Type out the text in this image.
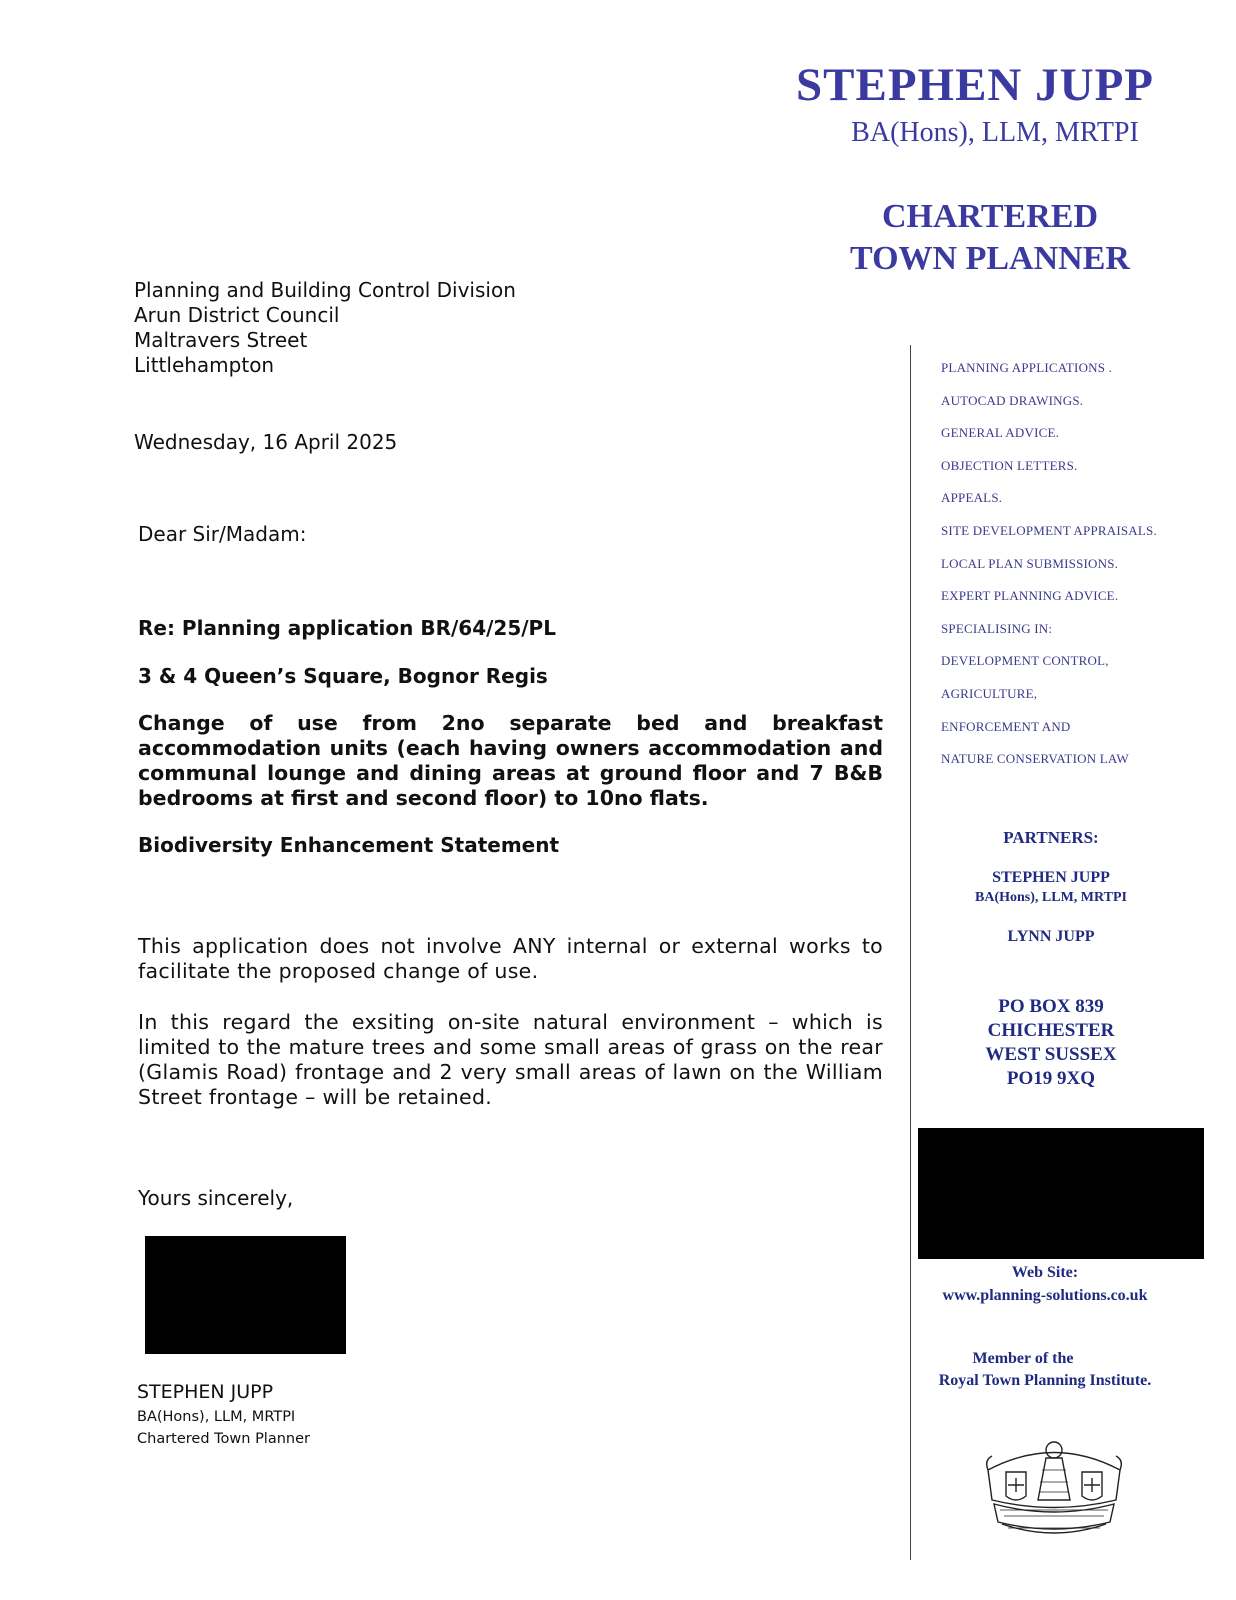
STEPHEN JUPP
BA(Hons), LLM, MRTPI
CHARTERED
TOWN PLANNER
PLANNING APPLICATIONS .
AUTOCAD DRAWINGS.
GENERAL ADVICE.
OBJECTION LETTERS.
APPEALS.
SITE DEVELOPMENT APPRAISALS.
LOCAL PLAN SUBMISSIONS.
EXPERT PLANNING ADVICE.
SPECIALISING IN:
DEVELOPMENT CONTROL,
AGRICULTURE,
ENFORCEMENT AND
NATURE CONSERVATION LAW
PARTNERS:
STEPHEN JUPP
BA(Hons), LLM, MRTPI
LYNN JUPP
PO BOX 839
CHICHESTER
WEST SUSSEX
PO19 9XQ
Web Site:
www.planning-solutions.co.uk
Member of the
Royal Town Planning Institute.
Planning and Building Control Division
Arun District Council
Maltravers Street
Littlehampton
Wednesday, 16 April 2025
Dear Sir/Madam:
Re: Planning application BR/64/25/PL
3 & 4 Queen’s Square, Bognor Regis
Change of use from 2no separate bed and breakfast accommodation units (each having owners accommodation and communal lounge and dining areas at ground floor and 7 B&B bedrooms at first and second floor) to 10no flats.
Biodiversity Enhancement Statement
This application does not involve ANY internal or external works to facilitate the proposed change of use.
In this regard the exsiting on-site natural environment – which is limited to the mature trees and some small areas of grass on the rear (Glamis Road) frontage and 2 very small areas of lawn on the William Street frontage – will be retained.
Yours sincerely,
STEPHEN JUPP
BA(Hons), LLM, MRTPI
Chartered Town Planner
